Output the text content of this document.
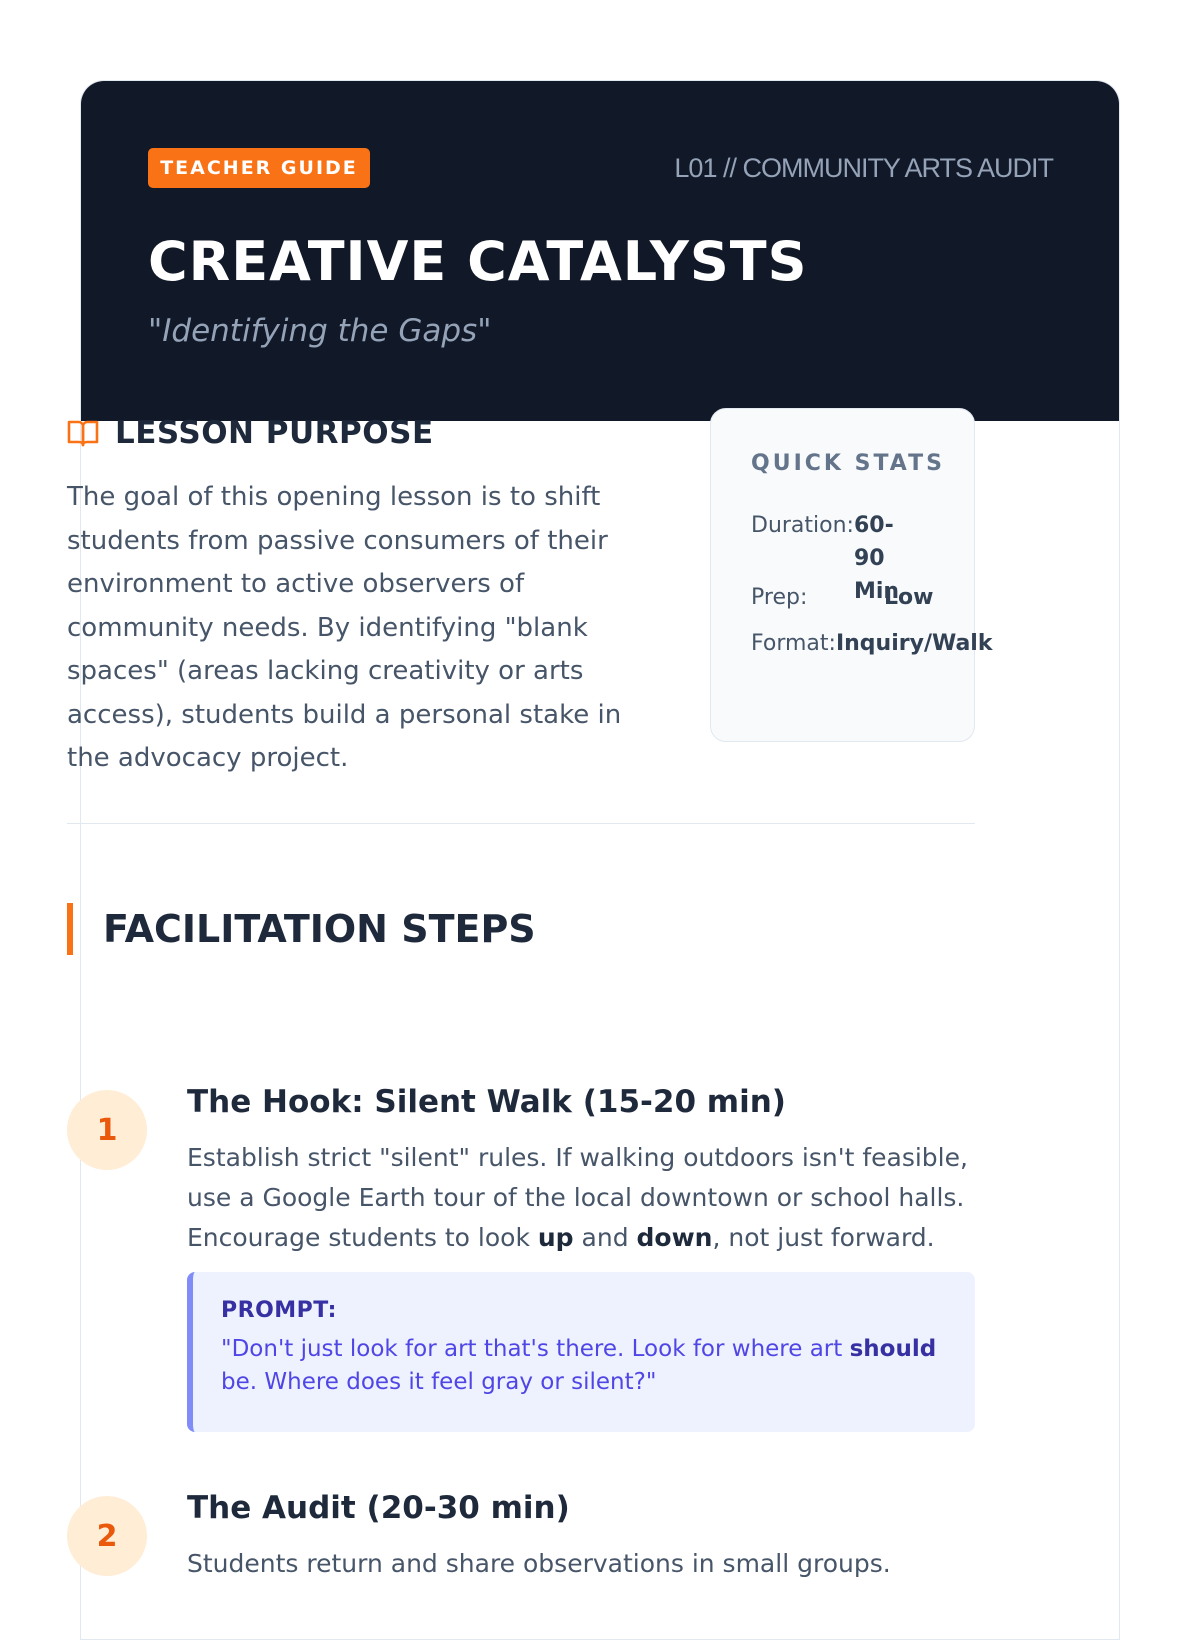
TEACHER GUIDE	L01 // COMMUNITY ARTS AUDIT
CREATIVE CATALYSTS
"Identifying the Gaps"
LESSON PURPOSE

The goal of this opening lesson is to shift students from passive consumers of their environment to active observers of community needs. By identifying "blank spaces" (areas lacking creativity or arts access), students build a personal stake in the advocacy project.

QUICK STATS
Duration: 60-90 Min
Prep:	Low
Format: Inquiry/Walk
FACILITATION STEPS
1
The Hook: Silent Walk (15-20 min)

Establish strict "silent" rules. If walking outdoors isn't feasible, use a Google Earth tour of the local downtown or school halls. Encourage students to look up and down, not just forward.

PROMPT:

"Don't just look for art that's there. Look for where art should be. Where does it feel gray or silent?"

2
The Audit (20-30 min)

Students return and share observations in small groups.
